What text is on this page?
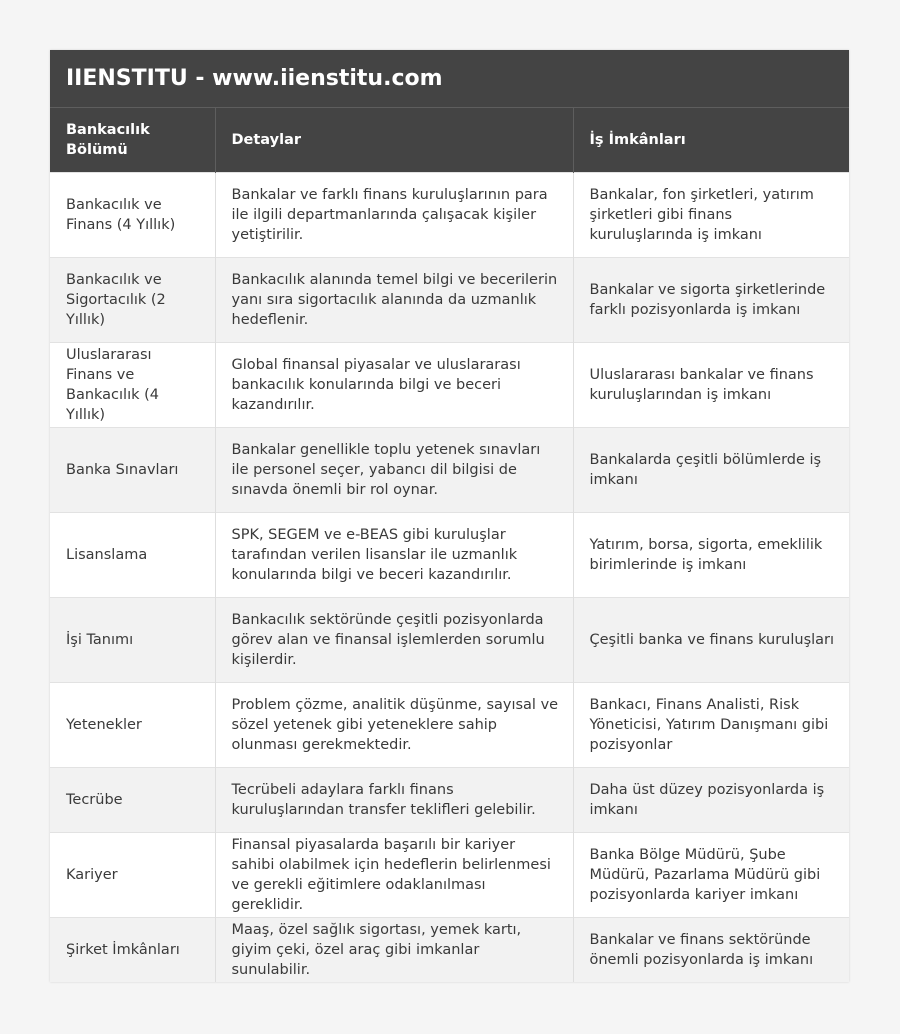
IIENSTITU - www.iienstitu.com
Bankacılık Bölümü	Detaylar	İş İmkânları
Bankacılık ve Finans (4 Yıllık)	Bankalar ve farklı finans kuruluşlarının para ile ilgili departmanlarında çalışacak kişiler yetiştirilir.	Bankalar, fon şirketleri, yatırım şirketleri gibi finans kuruluşlarında iş imkanı
Bankacılık ve Sigortacılık (2 Yıllık)	Bankacılık alanında temel bilgi ve becerilerin yanı sıra sigortacılık alanında da uzmanlık hedeflenir.	Bankalar ve sigorta şirketlerinde farklı pozisyonlarda iş imkanı
Uluslararası Finans ve Bankacılık (4 Yıllık)	Global finansal piyasalar ve uluslararası bankacılık konularında bilgi ve beceri kazandırılır.	Uluslararası bankalar ve finans kuruluşlarından iş imkanı
Banka Sınavları	Bankalar genellikle toplu yetenek sınavları ile personel seçer, yabancı dil bilgisi de sınavda önemli bir rol oynar.	Bankalarda çeşitli bölümlerde iş imkanı
Lisanslama	SPK, SEGEM ve e-BEAS gibi kuruluşlar tarafından verilen lisanslar ile uzmanlık konularında bilgi ve beceri kazandırılır.	Yatırım, borsa, sigorta, emeklilik birimlerinde iş imkanı
İşi Tanımı	Bankacılık sektöründe çeşitli pozisyonlarda görev alan ve finansal işlemlerden sorumlu kişilerdir.	Çeşitli banka ve finans kuruluşları
Yetenekler	Problem çözme, analitik düşünme, sayısal ve sözel yetenek gibi yeteneklere sahip olunması gerekmektedir.	Bankacı, Finans Analisti, Risk Yöneticisi, Yatırım Danışmanı gibi pozisyonlar
Tecrübe	Tecrübeli adaylara farklı finans kuruluşlarından transfer teklifleri gelebilir.	Daha üst düzey pozisyonlarda iş imkanı
Kariyer	Finansal piyasalarda başarılı bir kariyer sahibi olabilmek için hedeflerin belirlenmesi ve gerekli eğitimlere odaklanılması gereklidir.	Banka Bölge Müdürü, Şube Müdürü, Pazarlama Müdürü gibi pozisyonlarda kariyer imkanı
Şirket İmkânları	Maaş, özel sağlık sigortası, yemek kartı, giyim çeki, özel araç gibi imkanlar sunulabilir.	Bankalar ve finans sektöründe önemli pozisyonlarda iş imkanı
